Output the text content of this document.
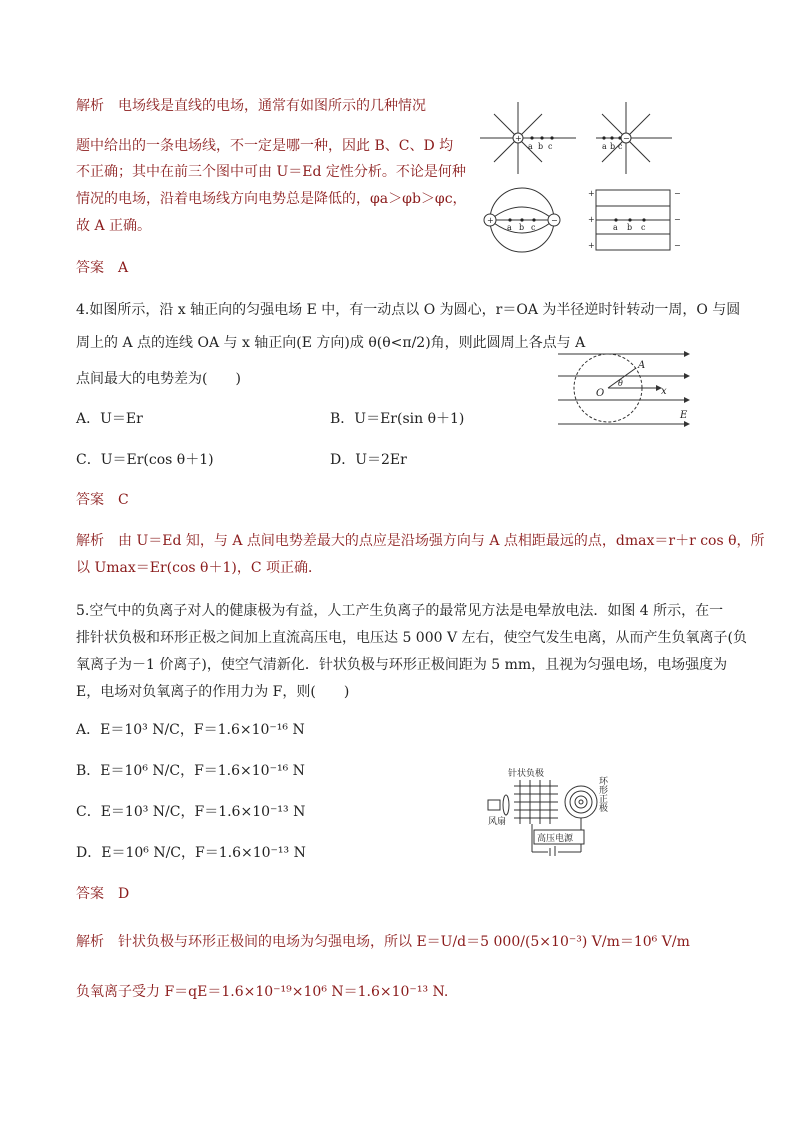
解析　电场线是直线的电场，通常有如图所示的几种情况
题中给出的一条电场线，不一定是哪一种，因此 B、C、D 均
不正确；其中在前三个图中可由 U＝Ed 定性分析。不论是何种
情况的电场，沿着电场线方向电势总是降低的，φa＞φb＞φc，
故 A 正确。
答案　A
a b c	a b c
a b c	a b c
+	−
+	−
+
+
+
−
−
−
4.如图所示，沿 x 轴正向的匀强电场 E 中，有一动点以 O 为圆心，r＝OA 为半径逆时针转动一周，O 与圆
周上的 A 点的连线 OA 与 x 轴正向(E 方向)成 θ(θ<π/2)角，则此圆周上各点与 A
点间最大的电势差为(　　)
A．U＝Er	B．U＝Er(sin θ＋1)
C．U＝Er(cos θ＋1)	D．U＝2Er
答案　C
解析　由 U＝Ed 知，与 A 点间电势差最大的点应是沿场强方向与 A 点相距最远的点，dmax＝r＋r cos θ，所
以 Umax＝Er(cos θ＋1)，C 项正确．
O
A
x
E
θ
5.空气中的负离子对人的健康极为有益，人工产生负离子的最常见方法是电晕放电法．如图 4 所示，在一
排针状负极和环形正极之间加上直流高压电，电压达 5 000 V 左右，使空气发生电离，从而产生负氧离子(负
氧离子为－1 价离子)，使空气清新化．针状负极与环形正极间距为 5 mm，且视为匀强电场，电场强度为
E，电场对负氧离子的作用力为 F，则(　　)
A．E＝10³ N/C，F＝1.6×10⁻¹⁶ N
B．E＝10⁶ N/C，F＝1.6×10⁻¹⁶ N
C．E＝10³ N/C，F＝1.6×10⁻¹³ N
D．E＝10⁶ N/C，F＝1.6×10⁻¹³ N
答案　D
解析　针状负极与环形正极间的电场为匀强电场，所以 E＝U/d＝5 000/(5×10⁻³) V/m＝10⁶ V/m
负氧离子受力 F＝qE＝1.6×10⁻¹⁹×10⁶ N＝1.6×10⁻¹³ N.
针状负极
风扇
高压电源
环形正极
